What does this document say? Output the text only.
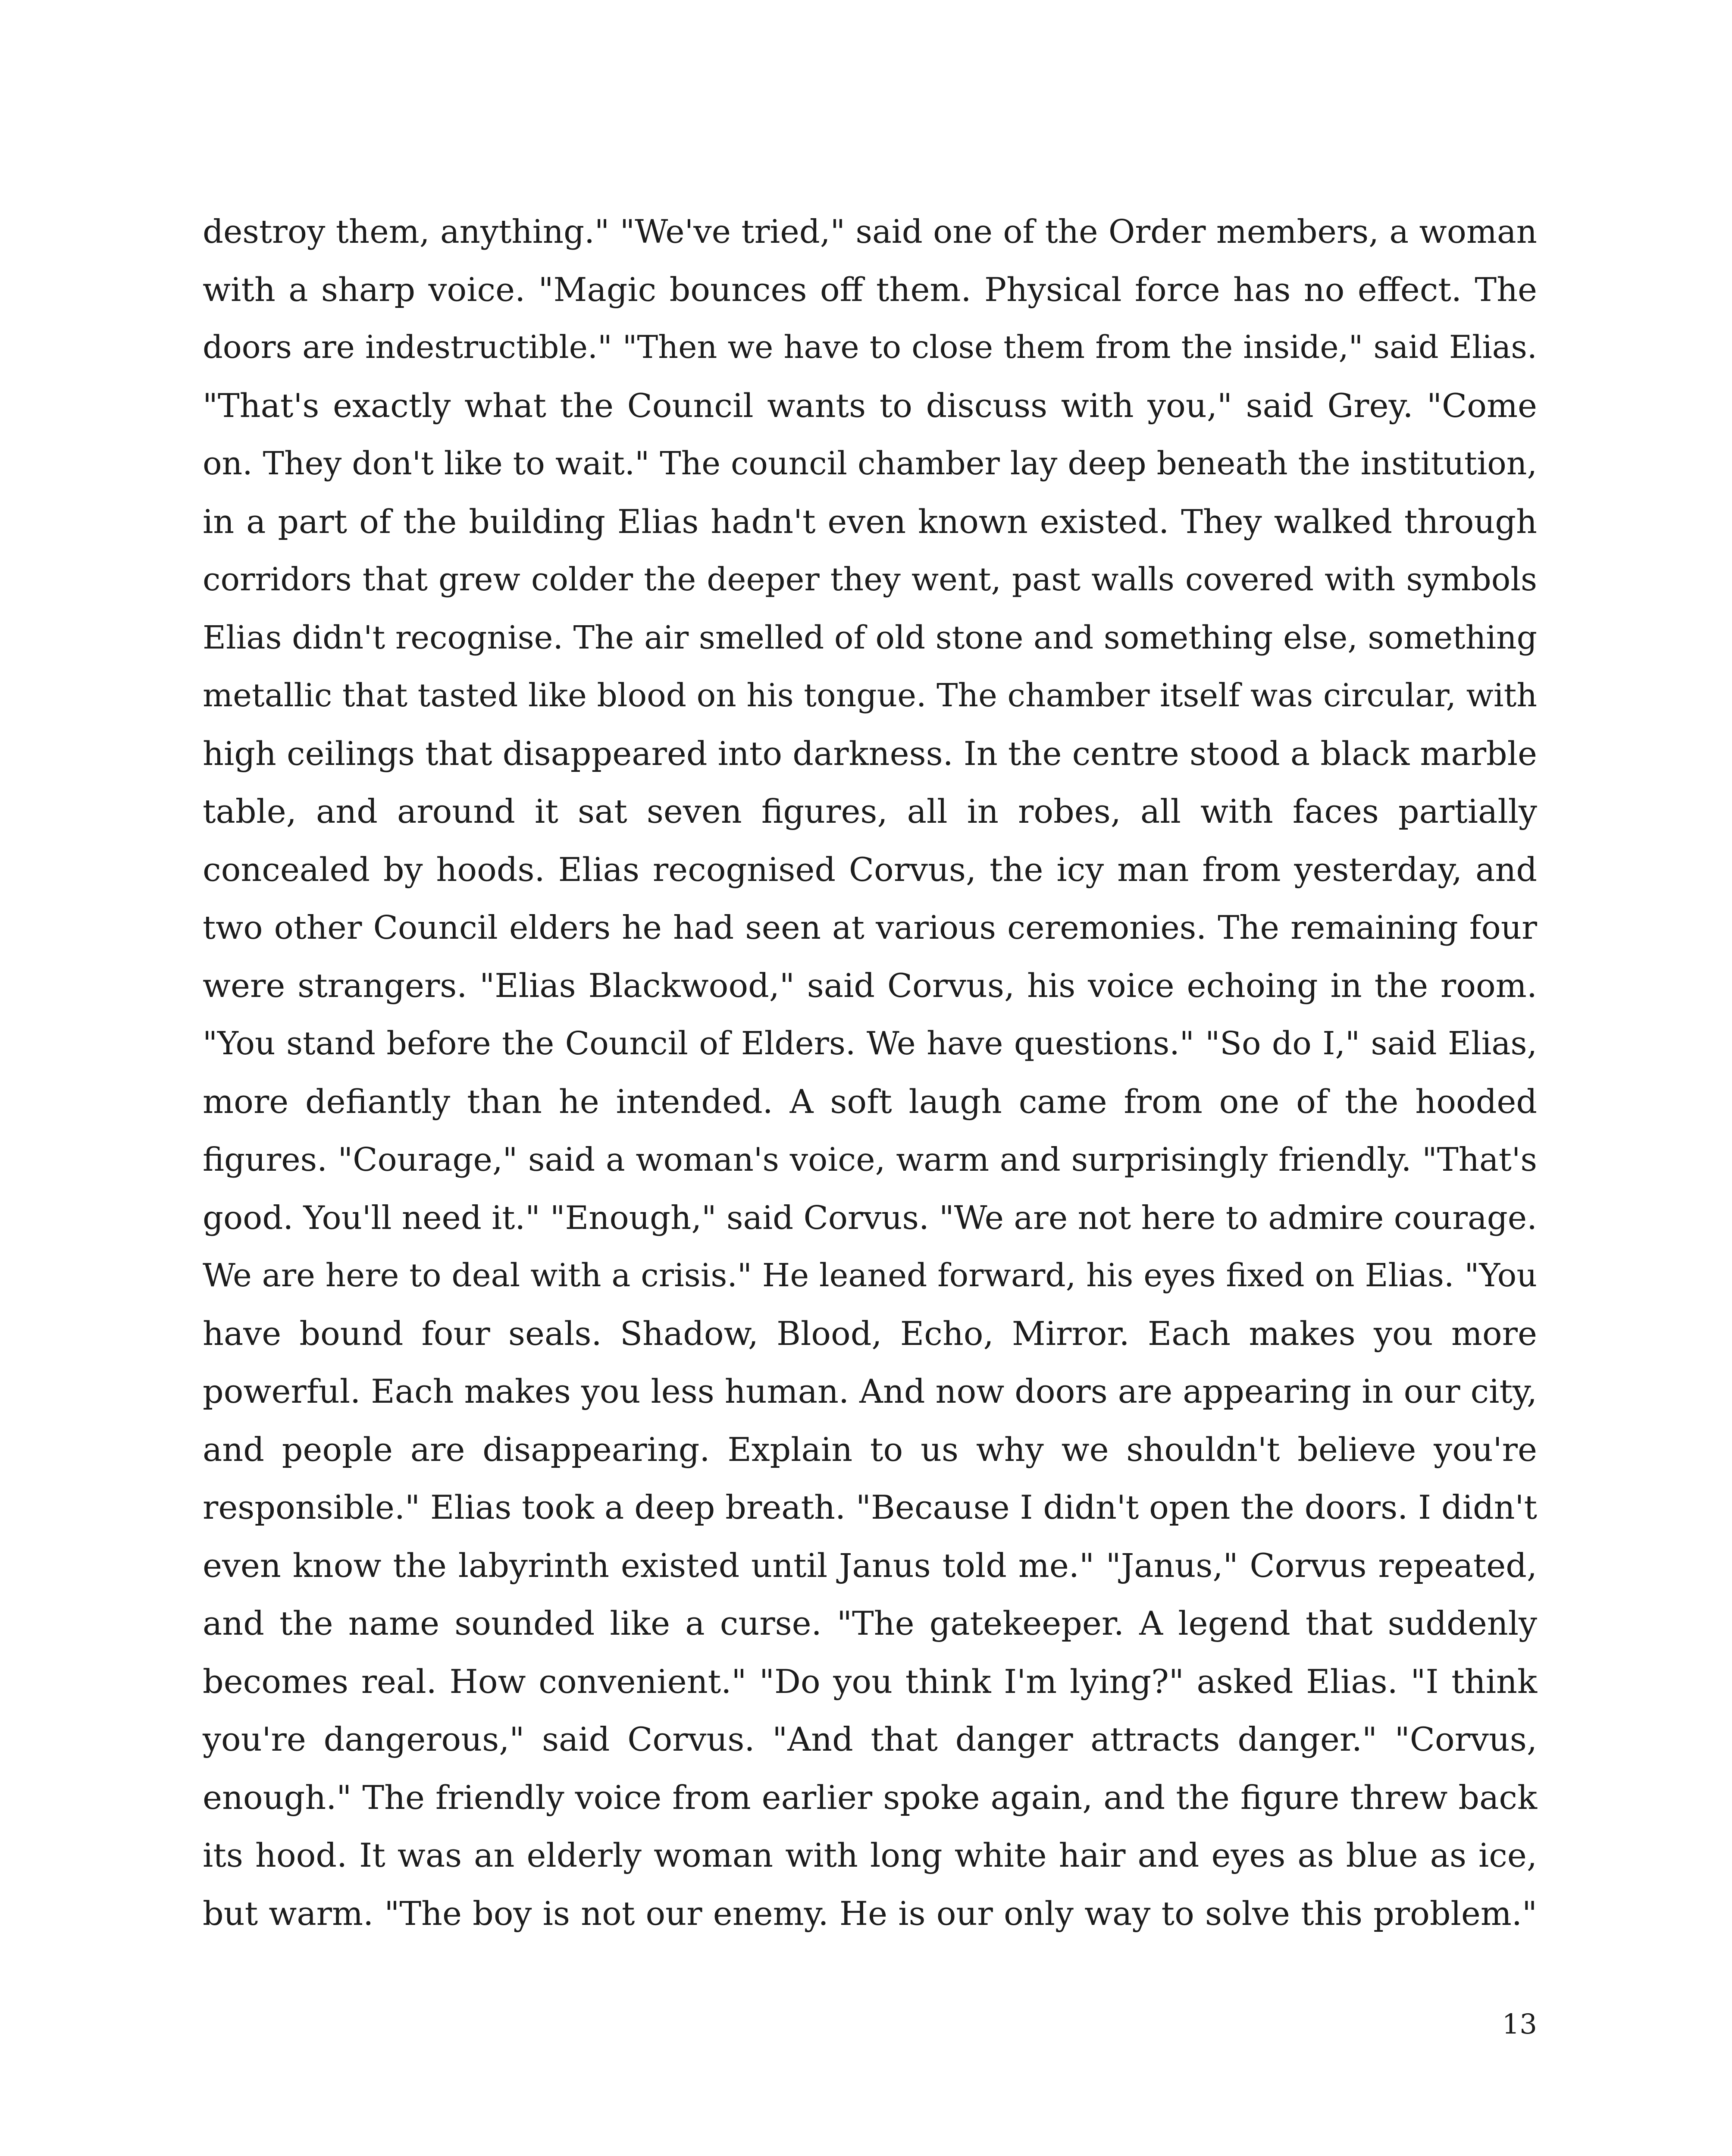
destroy them, anything." "We've tried," said one of the Order members, a woman
with a sharp voice. "Magic bounces off them. Physical force has no effect. The
doors are indestructible." "Then we have to close them from the inside," said Elias.
"That's exactly what the Council wants to discuss with you," said Grey. "Come
on. They don't like to wait." The council chamber lay deep beneath the institution,
in a part of the building Elias hadn't even known existed. They walked through
corridors that grew colder the deeper they went, past walls covered with symbols
Elias didn't recognise. The air smelled of old stone and something else, something
metallic that tasted like blood on his tongue. The chamber itself was circular, with
high ceilings that disappeared into darkness. In the centre stood a black marble
table, and around it sat seven figures, all in robes, all with faces partially
concealed by hoods. Elias recognised Corvus, the icy man from yesterday, and
two other Council elders he had seen at various ceremonies. The remaining four
were strangers. "Elias Blackwood," said Corvus, his voice echoing in the room.
"You stand before the Council of Elders. We have questions." "So do I," said Elias,
more defiantly than he intended. A soft laugh came from one of the hooded
figures. "Courage," said a woman's voice, warm and surprisingly friendly. "That's
good. You'll need it." "Enough," said Corvus. "We are not here to admire courage.
We are here to deal with a crisis." He leaned forward, his eyes fixed on Elias. "You
have bound four seals. Shadow, Blood, Echo, Mirror. Each makes you more
powerful. Each makes you less human. And now doors are appearing in our city,
and people are disappearing. Explain to us why we shouldn't believe you're
responsible." Elias took a deep breath. "Because I didn't open the doors. I didn't
even know the labyrinth existed until Janus told me." "Janus," Corvus repeated,
and the name sounded like a curse. "The gatekeeper. A legend that suddenly
becomes real. How convenient." "Do you think I'm lying?" asked Elias. "I think
you're dangerous," said Corvus. "And that danger attracts danger." "Corvus,
enough." The friendly voice from earlier spoke again, and the figure threw back
its hood. It was an elderly woman with long white hair and eyes as blue as ice,
but warm. "The boy is not our enemy. He is our only way to solve this problem."

13
